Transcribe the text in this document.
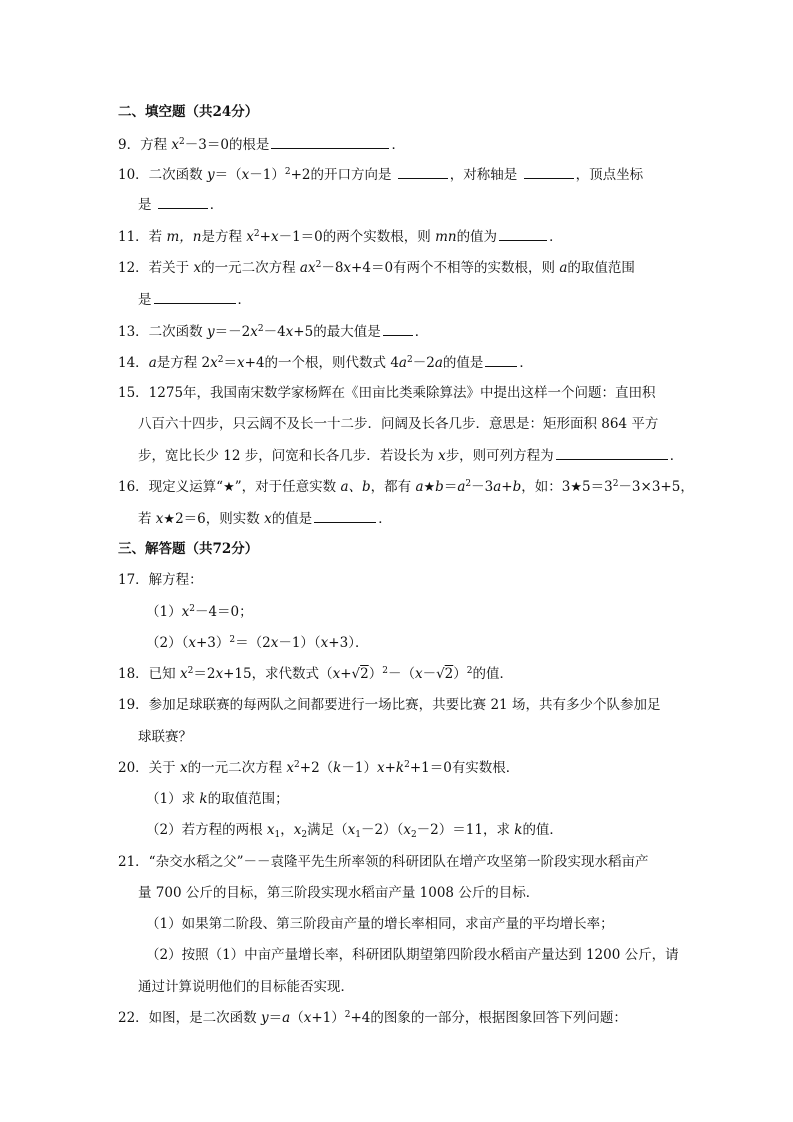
二、填空题（共24分）
9．方程 $x^2-3=0$的根是	．
10．二次函数 $y=(x-1)^2+2$的开口方向是	，对称轴是	，顶点坐标
是	．
11．若 m，n是方程 $x^2+x-1=0$的两个实数根，则 mn的值为	．
12．若关于 x的一元二次方程 $ax^2-8x+4=0$有两个不相等的实数根，则 a的取值范围
是	．
13．二次函数 $y=-2x^2-4x+5$的最大值是	．
14．a是方程 $2x^2=x+4$的一个根，则代数式 $4a^2-2a$的值是	．
15．1275年，我国南宋数学家杨辉在《田亩比类乘除算法》中提出这样一个问题：直田积
八百六十四步，只云阔不及长一十二步．问阔及长各几步．意思是：矩形面积 864 平方
步，宽比长少 12 步，问宽和长各几步．若设长为 x步，则可列方程为	．
16．现定义运算“★”，对于任意实数 a、b，都有 $a★b=a^2-3a+b$，如：$3★5=3^2-3\times 3+5$，
若 x★2＝6，则实数 x的值是	．
三、解答题（共72分）
17．解方程：
$(1)x^2-4=0$；
$(2)(x+3)^2=(2x-1)(x+3)$．
18．已知 $x^2=2x+15$，求代数式$(x+√2)^2-(x-√2)^2$的值．
19．参加足球联赛的每两队之间都要进行一场比赛，共要比赛 21 场，共有多少个队参加足
球联赛？
20．关于 x的一元二次方程 $x^2+2(k-1)x+k^2+1=0$有实数根．
（1）求 k的取值范围；
（2）若方程的两根 $x_1$，$x_2$满足$(x_1-2)(x_2-2)=11$，求 k的值．
21．“杂交水稻之父”－－袁隆平先生所率领的科研团队在增产攻坚第一阶段实现水稻亩产
量 700 公斤的目标，第三阶段实现水稻亩产量 1008 公斤的目标．
（1）如果第二阶段、第三阶段亩产量的增长率相同，求亩产量的平均增长率；
（2）按照（1）中亩产量增长率，科研团队期望第四阶段水稻亩产量达到 1200 公斤，请
通过计算说明他们的目标能否实现．
22．如图，是二次函数 $y=a(x+1)^2+4$的图象的一部分，根据图象回答下列问题：
